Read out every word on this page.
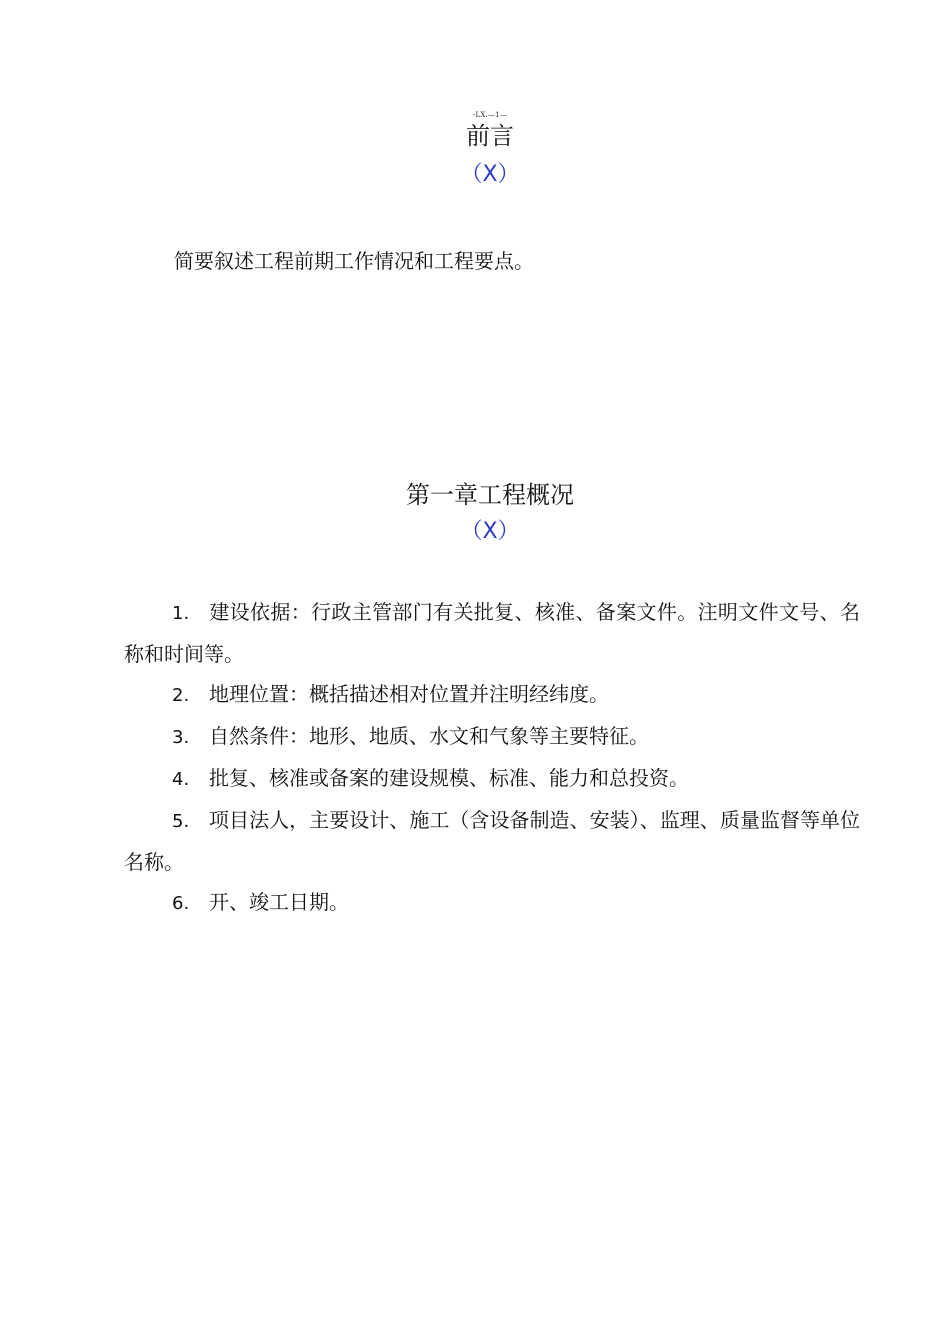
-LX.—1—
前言
（X）
简要叙述工程前期工作情况和工程要点。
第一章工程概况
（X）
1. 建设依据：行政主管部门有关批复、核准、备案文件。注明文件文号、名称和时间等。
2. 地理位置：概括描述相对位置并注明经纬度。
3. 自然条件：地形、地质、水文和气象等主要特征。
4. 批复、核准或备案的建设规模、标准、能力和总投资。
5. 项目法人，主要设计、施工（含设备制造、安装）、监理、质量监督等单位名称。
6. 开、竣工日期。
